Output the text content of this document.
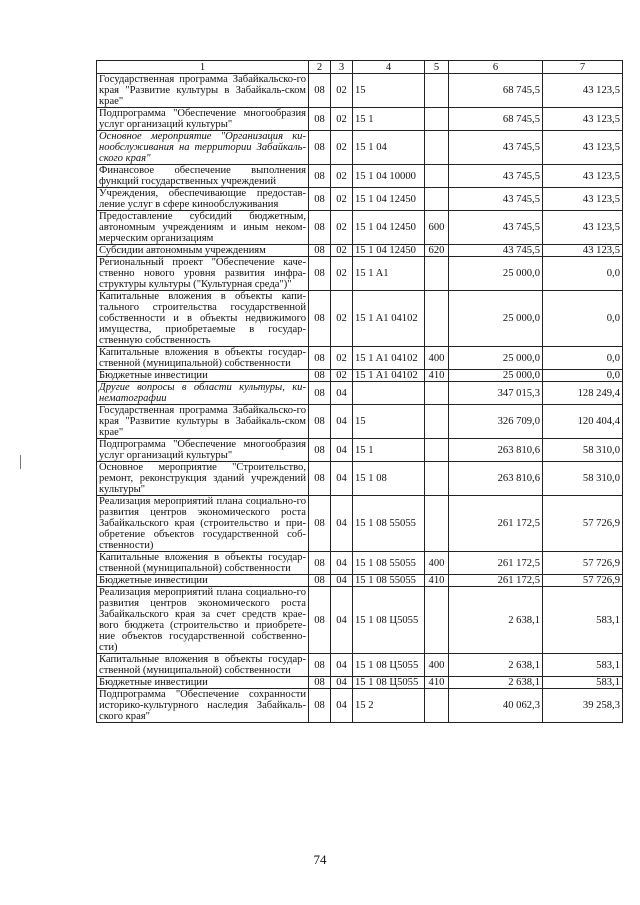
1	2	3	4	5	6	7
Государственная программа Забайкальско-го края "Развитие культуры в Забайкаль-ском крае"	08	02	15		68 745,5	43 123,5
Подпрограмма "Обеспечение многообразия услуг организаций культуры"	08	02	15 1		68 745,5	43 123,5
Основное мероприятие "Организация ки-нообслуживания на территории Забайкаль-ского края"	08	02	15 1 04		43 745,5	43 123,5
Финансовое обеспечение выполнения функций государственных учреждений	08	02	15 1 04 10000		43 745,5	43 123,5
Учреждения, обеспечивающие предостав-ление услуг в сфере кинообслуживания	08	02	15 1 04 12450		43 745,5	43 123,5
Предоставление субсидий бюджетным, автономным учреждениям и иным неком-мерческим организациям	08	02	15 1 04 12450	600	43 745,5	43 123,5
Субсидии автономным учреждениям	08	02	15 1 04 12450	620	43 745,5	43 123,5
Региональный проект "Обеспечение каче-ственно нового уровня развития инфра-структуры культуры ("Культурная среда")"	08	02	15 1 A1		25 000,0	0,0
Капитальные вложения в объекты капи-тального строительства государственной собственности и в объекты недвижимого имущества, приобретаемые в государ-ственную собственность	08	02	15 1 A1 04102		25 000,0	0,0
Капитальные вложения в объекты государ-ственной (муниципальной) собственности	08	02	15 1 A1 04102	400	25 000,0	0,0
Бюджетные инвестиции	08	02	15 1 A1 04102	410	25 000,0	0,0
Другие вопросы в области культуры, ки-нематографии	08	04			347 015,3	128 249,4
Государственная программа Забайкальско-го края "Развитие культуры в Забайкаль-ском крае"	08	04	15		326 709,0	120 404,4
Подпрограмма "Обеспечение многообразия услуг организаций культуры"	08	04	15 1		263 810,6	58 310,0
Основное мероприятие "Строительство, ремонт, реконструкция зданий учреждений культуры"	08	04	15 1 08		263 810,6	58 310,0
Реализация мероприятий плана социально-го развития центров экономического роста Забайкальского края (строительство и при-обретение объектов государственной соб-ственности)	08	04	15 1 08 55055		261 172,5	57 726,9
Капитальные вложения в объекты государ-ственной (муниципальной) собственности	08	04	15 1 08 55055	400	261 172,5	57 726,9
Бюджетные инвестиции	08	04	15 1 08 55055	410	261 172,5	57 726,9
Реализация мероприятий плана социально-го развития центров экономического роста Забайкальского края за счет средств крае-вого бюджета (строительство и приобрете-ние объектов государственной собственно-сти)	08	04	15 1 08 Ц5055		2 638,1	583,1
Капитальные вложения в объекты государ-ственной (муниципальной) собственности	08	04	15 1 08 Ц5055	400	2 638,1	583,1
Бюджетные инвестиции	08	04	15 1 08 Ц5055	410	2 638,1	583,1
Подпрограмма "Обеспечение сохранности историко-культурного наследия Забайкаль-ского края"	08	04	15 2		40 062,3	39 258,3
74
